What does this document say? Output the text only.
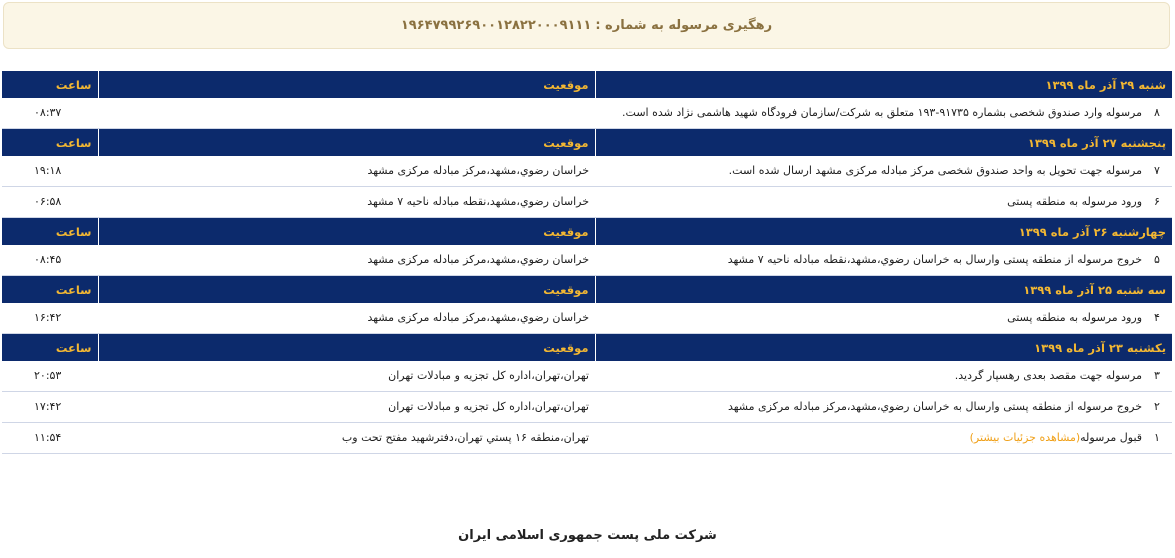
رهگیری مرسوله به شماره :
۱۹۶۴۷۹۹۲۶۹۰۰۱۲۸۲۲۰۰۰۹۱۱۱
شنبه ۲۹ آذر ماه ۱۳۹۹		موقعیت	ساعت
۸	مرسوله وارد صندوق شخصی بشماره ۹۱۷۳۵-۱۹۳ متعلق به شرکت/سازمان فرودگاه شهید هاشمی نژاد شده است.		۰۸:۳۷
پنجشنبه ۲۷ آذر ماه ۱۳۹۹		موقعیت	ساعت
۷	مرسوله جهت تحویل به واحد صندوق شخصی مرکز مبادله مرکزی مشهد ارسال شده است.	خراسان رضوي،مشهد،مرکز مبادله مرکزی مشهد	۱۹:۱۸
۶	ورود مرسوله به منطقه پستی	خراسان رضوي،مشهد،نقطه مبادله ناحیه ۷ مشهد	۰۶:۵۸
چهارشنبه ۲۶ آذر ماه ۱۳۹۹		موقعیت	ساعت
۵	خروج مرسوله از منطقه پستی وارسال به خراسان رضوي،مشهد،نقطه مبادله ناحیه ۷ مشهد	خراسان رضوي،مشهد،مرکز مبادله مرکزی مشهد	۰۸:۴۵
سه شنبه ۲۵ آذر ماه ۱۳۹۹		موقعیت	ساعت
۴	ورود مرسوله به منطقه پستی	خراسان رضوي،مشهد،مرکز مبادله مرکزی مشهد	۱۶:۴۲
یکشنبه ۲۳ آذر ماه ۱۳۹۹		موقعیت	ساعت
۳	مرسوله جهت مقصد بعدی رهسپار گردید.	تهران،تهران،اداره کل تجزیه و مبادلات تهران	۲۰:۵۳
۲	خروج مرسوله از منطقه پستی وارسال به خراسان رضوي،مشهد،مرکز مبادله مرکزی مشهد	تهران،تهران،اداره کل تجزیه و مبادلات تهران	۱۷:۴۲
۱	قبول مرسوله(مشاهده جزئیات بیشتر)	تهران،منطقه ۱۶ پستي تهران،دفترشهید مفتح تحت وب	۱۱:۵۴
شرکت ملی پست جمهوری اسلامی ایران
